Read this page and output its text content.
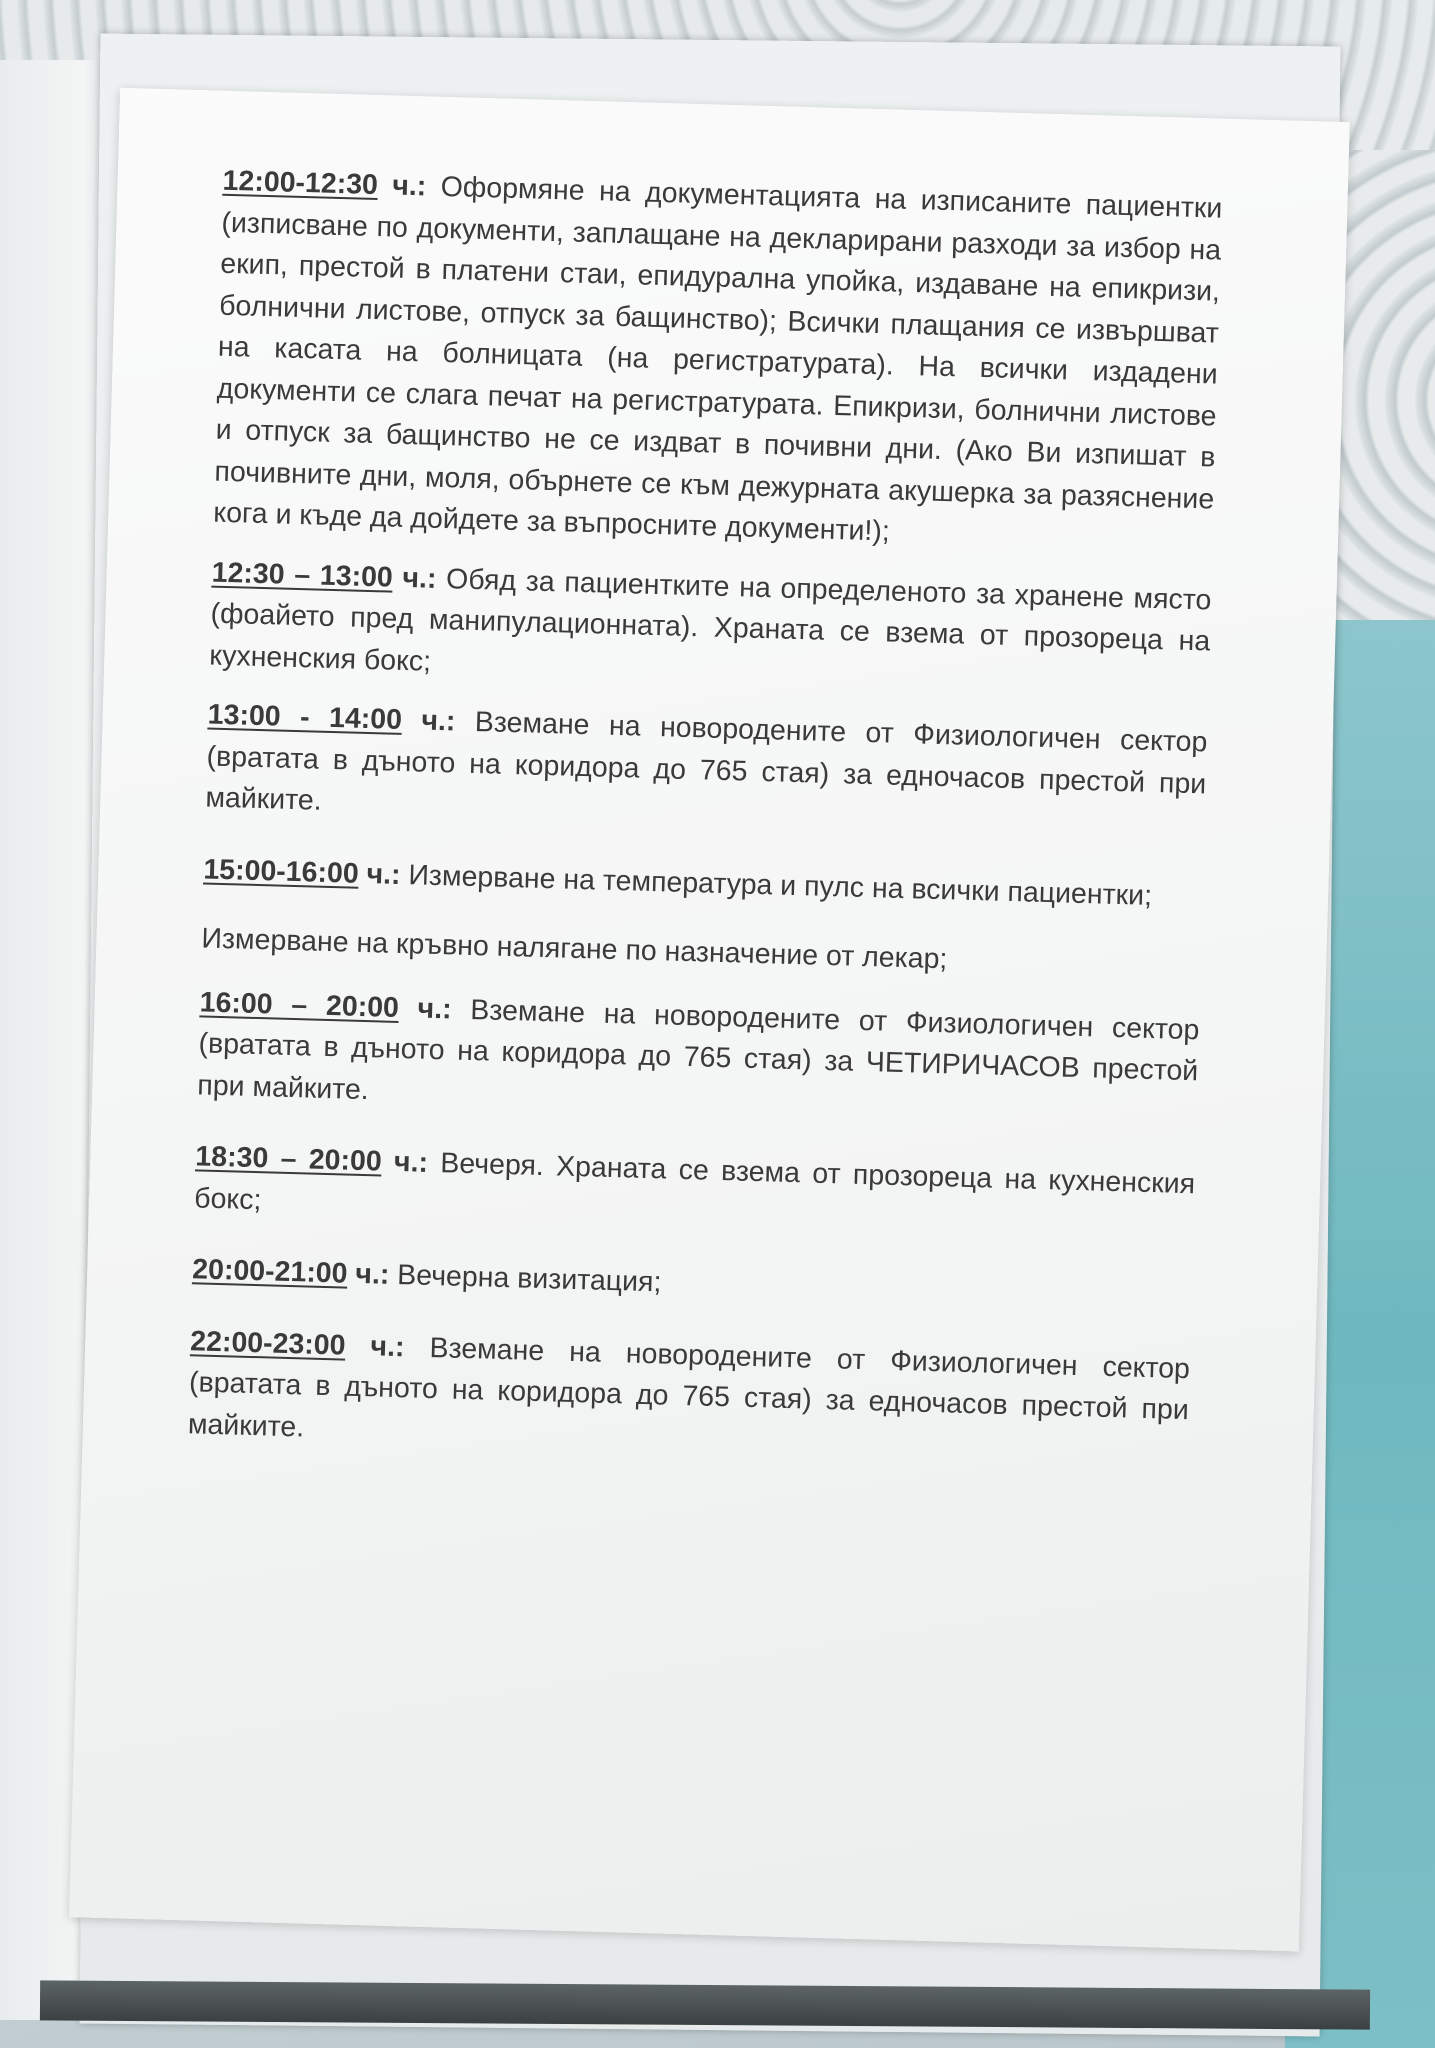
12:00-12:30 ч.: Оформяне на документацията на изписаните пациентки (изписване по документи, заплащане на декларирани разходи за избор на екип, престой в платени стаи, епидурална упойка, издаване на епикризи, болнични листове, отпуск за бащинство); Всички плащания се извършват на касата на болницата (на регистратурата). На всички издадени документи се слага печат на регистратурата. Епикризи, болнични листове и отпуск за бащинство не се издват в почивни дни. (Ако Ви изпишат в почивните дни, моля, обърнете се към дежурната акушерка за разяснение кога и къде да дойдете за въпросните документи!);

12:30 – 13:00 ч.: Обяд за пациентките на определеното за хранене място (фоайето пред манипулационната). Храната се взема от прозореца на кухненския бокс;

13:00 - 14:00 ч.: Вземане на новородените от Физиологичен сектор (вратата в дъното на коридора до 765 стая) за едночасов престой при майките.

15:00-16:00 ч.: Измерване на температура и пулс на всички пациентки;

Измерване на кръвно налягане по назначение от лекар;

16:00 – 20:00 ч.: Вземане на новородените от Физиологичен сектор (вратата в дъното на коридора до 765 стая) за ЧЕТИРИЧАСОВ престой при майките.

18:30 – 20:00 ч.: Вечеря. Храната се взема от прозореца на кухненския бокс;

20:00-21:00 ч.: Вечерна визитация;

22:00-23:00 ч.: Вземане на новородените от Физиологичен сектор (вратата в дъното на коридора до 765 стая) за едночасов престой при майките.
